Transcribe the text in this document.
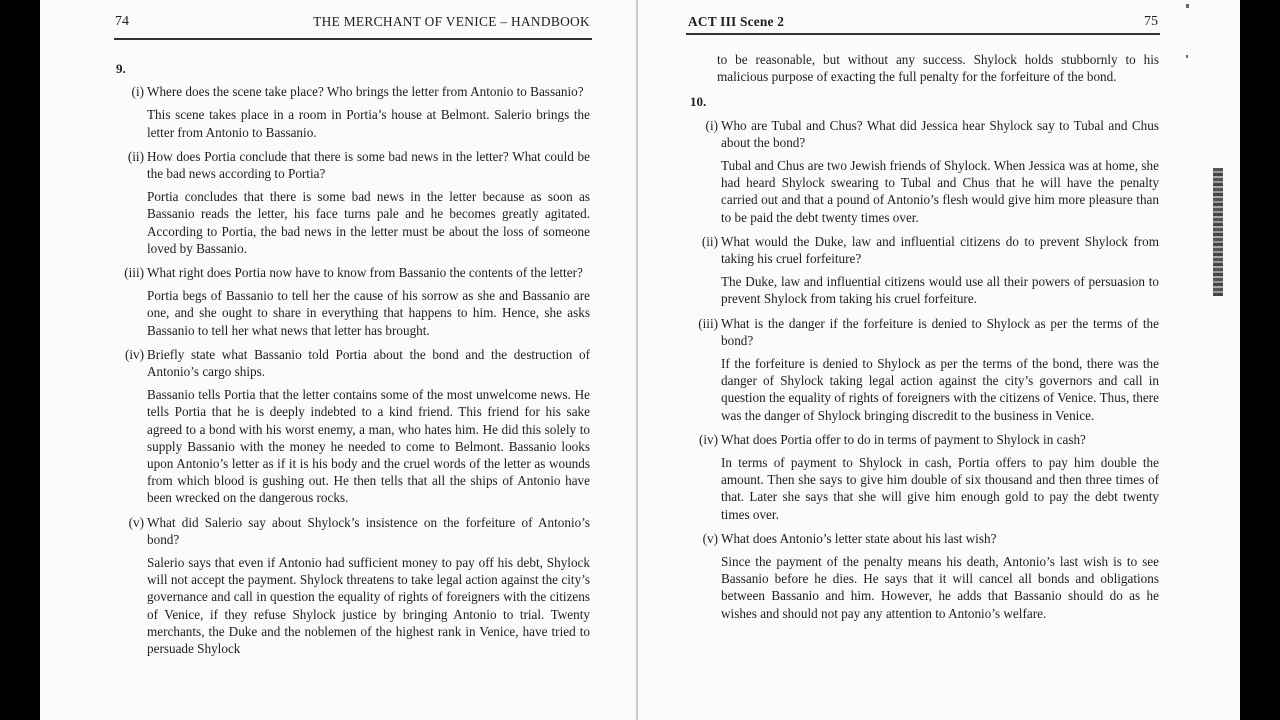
74	THE MERCHANT OF VENICE – HANDBOOK
9.
(i) Where does the scene take place? Who brings the letter from Antonio to Bassanio?
This scene takes place in a room in Portia’s house at Belmont. Salerio brings the letter from Antonio to Bassanio.
(ii) How does Portia conclude that there is some bad news in the letter? What could be the bad news according to Portia?
Portia concludes that there is some bad news in the letter because as soon as Bassanio reads the letter, his face turns pale and he becomes greatly agitated. According to Portia, the bad news in the letter must be about the loss of someone loved by Bassanio.
(iii) What right does Portia now have to know from Bassanio the contents of the letter?
Portia begs of Bassanio to tell her the cause of his sorrow as she and Bassanio are one, and she ought to share in everything that happens to him. Hence, she asks Bassanio to tell her what news that letter has brought.
(iv) Briefly state what Bassanio told Portia about the bond and the destruction of Antonio’s cargo ships.
Bassanio tells Portia that the letter contains some of the most unwelcome news. He tells Portia that he is deeply indebted to a kind friend. This friend for his sake agreed to a bond with his worst enemy, a man, who hates him. He did this solely to supply Bassanio with the money he needed to come to Belmont. Bassanio looks upon Antonio’s letter as if it is his body and the cruel words of the letter as wounds from which blood is gushing out. He then tells that all the ships of Antonio have been wrecked on the dangerous rocks.
(v) What did Salerio say about Shylock’s insistence on the forfeiture of Antonio’s bond?
Salerio says that even if Antonio had sufficient money to pay off his debt, Shylock will not accept the payment. Shylock threatens to take legal action against the city’s governance and call in question the equality of rights of foreigners with the citizens of Venice, if they refuse Shylock justice by bringing Antonio to trial. Twenty merchants, the Duke and the noblemen of the highest rank in Venice, have tried to persuade Shylock
ACT III Scene 2	75
to be reasonable, but without any success. Shylock holds stubbornly to his malicious purpose of exacting the full penalty for the forfeiture of the bond.
10.
(i) Who are Tubal and Chus? What did Jessica hear Shylock say to Tubal and Chus about the bond?
Tubal and Chus are two Jewish friends of Shylock. When Jessica was at home, she had heard Shylock swearing to Tubal and Chus that he will have the penalty carried out and that a pound of Antonio’s flesh would give him more pleasure than to be paid the debt twenty times over.
(ii) What would the Duke, law and influential citizens do to prevent Shylock from taking his cruel forfeiture?
The Duke, law and influential citizens would use all their powers of persuasion to prevent Shylock from taking his cruel forfeiture.
(iii) What is the danger if the forfeiture is denied to Shylock as per the terms of the bond?
If the forfeiture is denied to Shylock as per the terms of the bond, there was the danger of Shylock taking legal action against the city’s governors and call in question the equality of rights of foreigners with the citizens of Venice. Thus, there was the danger of Shylock bringing discredit to the business in Venice.
(iv) What does Portia offer to do in terms of payment to Shylock in cash?
In terms of payment to Shylock in cash, Portia offers to pay him double the amount. Then she says to give him double of six thousand and then three times of that. Later she says that she will give him enough gold to pay the debt twenty times over.
(v) What does Antonio’s letter state about his last wish?
Since the payment of the penalty means his death, Antonio’s last wish is to see Bassanio before he dies. He says that it will cancel all bonds and obligations between Bassanio and him. However, he adds that Bassanio should do as he wishes and should not pay any attention to Antonio’s welfare.
